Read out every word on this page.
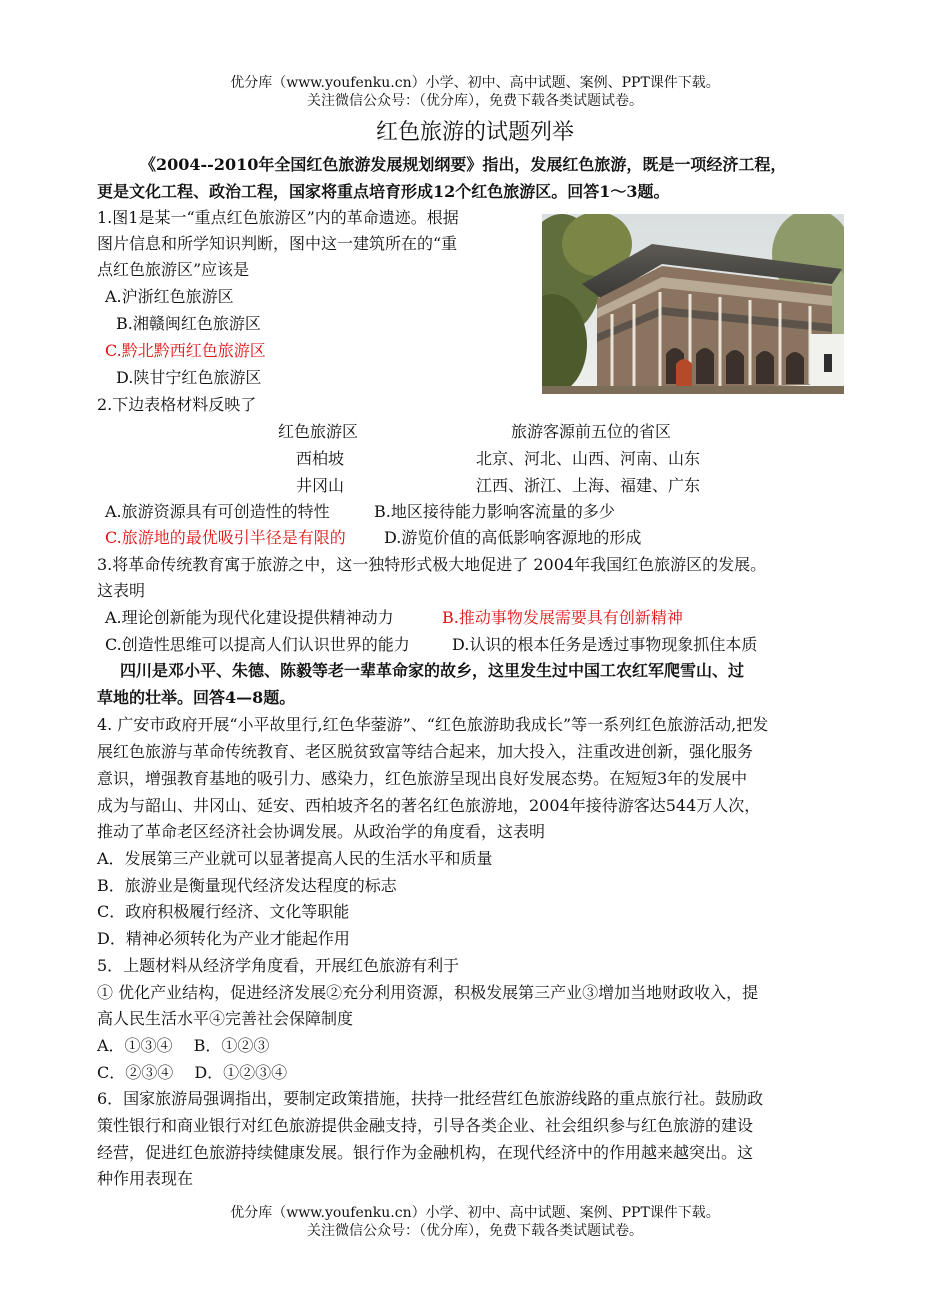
优分库（www.youfenku.cn）小学、初中、高中试题、案例、PPT课件下载。
关注微信公众号：（优分库），免费下载各类试题试卷。
红色旅游的试题列举
《2004--2010年全国红色旅游发展规划纲要》指出，发展红色旅游，既是一项经济工程，
更是文化工程、政治工程，国家将重点培育形成12个红色旅游区。回答1～3题。
1.图1是某一“重点红色旅游区”内的革命遗迹。根据
图片信息和所学知识判断，图中这一建筑所在的“重
点红色旅游区”应该是
A.沪浙红色旅游区
B.湘赣闽红色旅游区
C.黔北黔西红色旅游区
D.陕甘宁红色旅游区
2.下边表格材料反映了
红色旅游区	旅游客源前五位的省区
西柏坡	北京、河北、山西、河南、山东
井冈山	江西、浙江、上海、福建、广东
A.旅游资源具有可创造性的特性	B.地区接待能力影响客流量的多少
C.旅游地的最优吸引半径是有限的 D.游览价值的高低影响客源地的形成
3.将革命传统教育寓于旅游之中，这一独特形式极大地促进了 2004年我国红色旅游区的发展。
这表明
A.理论创新能为现代化建设提供精神动力	B.推动事物发展需要具有创新精神
C.创造性思维可以提高人们认识世界的能力	D.认识的根本任务是透过事物现象抓住本质
四川是邓小平、朱德、陈毅等老一辈革命家的故乡，这里发生过中国工农红军爬雪山、过
草地的壮举。回答4—8题。
4. 广安市政府开展“小平故里行,红色华蓥游”、“红色旅游助我成长”等一系列红色旅游活动,把发
展红色旅游与革命传统教育、老区脱贫致富等结合起来，加大投入，注重改进创新，强化服务
意识，增强教育基地的吸引力、感染力，红色旅游呈现出良好发展态势。在短短3年的发展中
成为与韶山、井冈山、延安、西柏坡齐名的著名红色旅游地，2004年接待游客达544万人次，
推动了革命老区经济社会协调发展。从政治学的角度看，这表明
A．发展第三产业就可以显著提高人民的生活水平和质量
B．旅游业是衡量现代经济发达程度的标志
C．政府积极履行经济、文化等职能
D．精神必须转化为产业才能起作用
5．上题材料从经济学角度看，开展红色旅游有利于
① 优化产业结构，促进经济发展②充分利用资源，积极发展第三产业③增加当地财政收入，提
高人民生活水平④完善社会保障制度
A．①③④　 B．①②③
C．②③④　 D．①②③④
6．国家旅游局强调指出，要制定政策措施，扶持一批经营红色旅游线路的重点旅行社。鼓励政
策性银行和商业银行对红色旅游提供金融支持，引导各类企业、社会组织参与红色旅游的建设
经营，促进红色旅游持续健康发展。银行作为金融机构，在现代经济中的作用越来越突出。这
种作用表现在
优分库（www.youfenku.cn）小学、初中、高中试题、案例、PPT课件下载。
关注微信公众号：（优分库），免费下载各类试题试卷。
